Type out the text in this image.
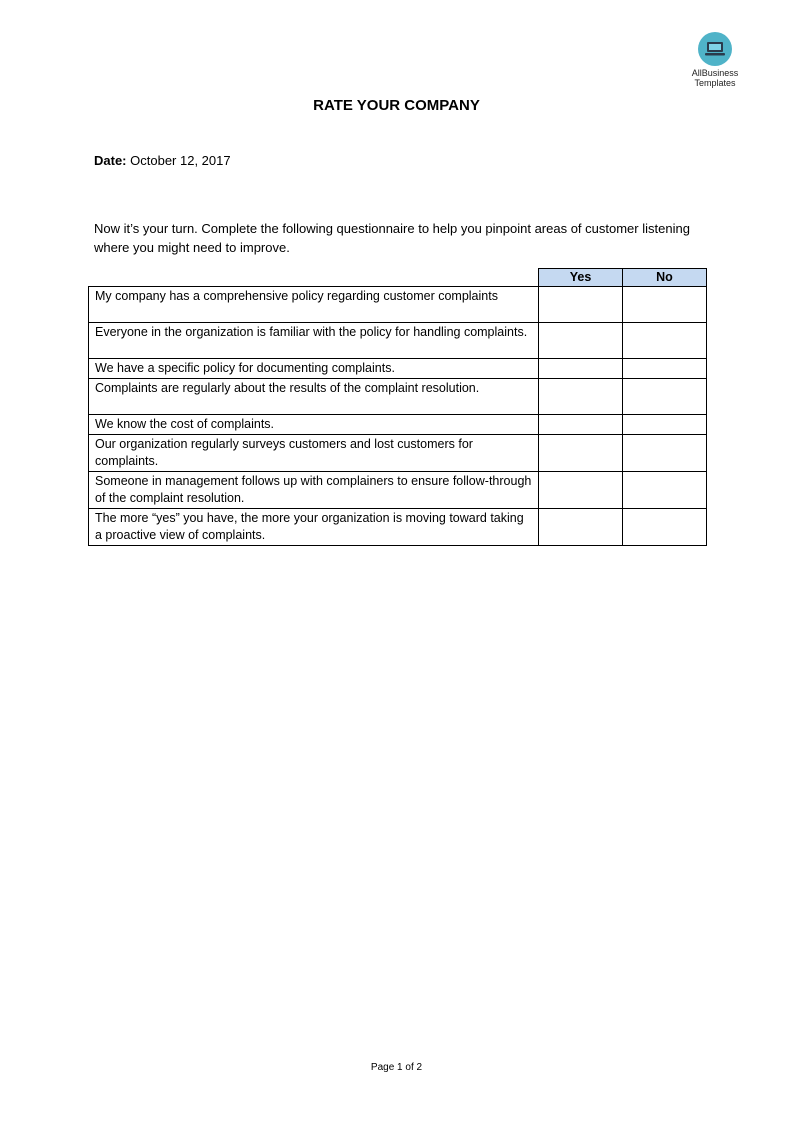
AllBusiness
Templates
RATE YOUR COMPANY
Date: October 12, 2017
Now it’s your turn. Complete the following questionnaire to help you pinpoint areas of customer listening where you might need to improve.
	Yes	No
My company has a comprehensive policy regarding customer complaints		
Everyone in the organization is familiar with the policy for handling complaints.		
We have a specific policy for documenting complaints.		
Complaints are regularly about the results of the complaint resolution.		
We know the cost of complaints.		
Our organization regularly surveys customers and lost customers for complaints.		
Someone in management follows up with complainers to ensure follow-through of the complaint resolution.		
The more “yes” you have, the more your organization is moving toward taking a proactive view of complaints.		
Page 1 of 2
